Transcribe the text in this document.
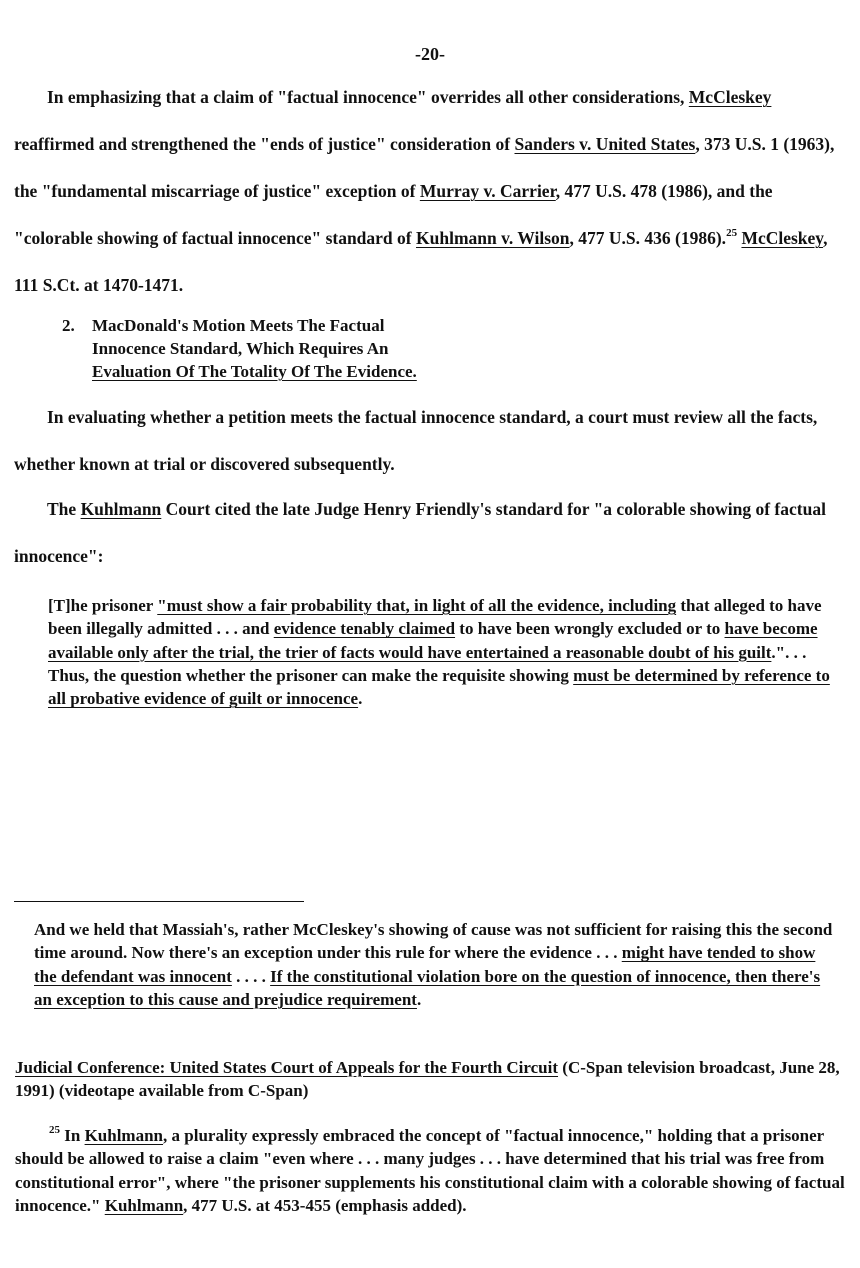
-20-

In emphasizing that a claim of "factual innocence" overrides all other considerations, McCleskey reaffirmed and strengthened the "ends of justice" consideration of Sanders v. United States, 373 U.S. 1 (1963), the "fundamental miscarriage of justice" exception of Murray v. Carrier, 477 U.S. 478 (1986), and the "colorable showing of factual innocence" standard of Kuhlmann v. Wilson, 477 U.S. 436 (1986).$^{25}$ McCleskey, 111 S.Ct. at 1470-1471.

2. MacDonald's Motion Meets The Factual
Innocence Standard, Which Requires An
Evaluation Of The Totality Of The Evidence.

In evaluating whether a petition meets the factual innocence standard, a court must review all the facts, whether known at trial or discovered subsequently.

The Kuhlmann Court cited the late Judge Henry Friendly's standard for "a colorable showing of factual innocence":

[T]he prisoner "must show a fair probability that, in light of all the evidence, including that alleged to have been illegally admitted . . . and evidence tenably claimed to have been wrongly excluded or to have become available only after the trial, the trier of facts would have entertained a reasonable doubt of his guilt.". . . Thus, the question whether the prisoner can make the requisite showing must be determined by reference to all probative evidence of guilt or innocence.

And we held that Massiah's, rather McCleskey's showing of cause was not sufficient for raising this the second time around. Now there's an exception under this rule for where the evidence . . . might have tended to show the defendant was innocent . . . . If the constitutional violation bore on the question of innocence, then there's an exception to this cause and prejudice requirement.

Judicial Conference: United States Court of Appeals for the Fourth Circuit (C-Span television broadcast, June 28, 1991) (videotape available from C-Span)

$^{25}$ In Kuhlmann, a plurality expressly embraced the concept of "factual innocence," holding that a prisoner should be allowed to raise a claim "even where . . . many judges . . . have determined that his trial was free from constitutional error", where "the prisoner supplements his constitutional claim with a colorable showing of factual innocence." Kuhlmann, 477 U.S. at 453-455 (emphasis added).
